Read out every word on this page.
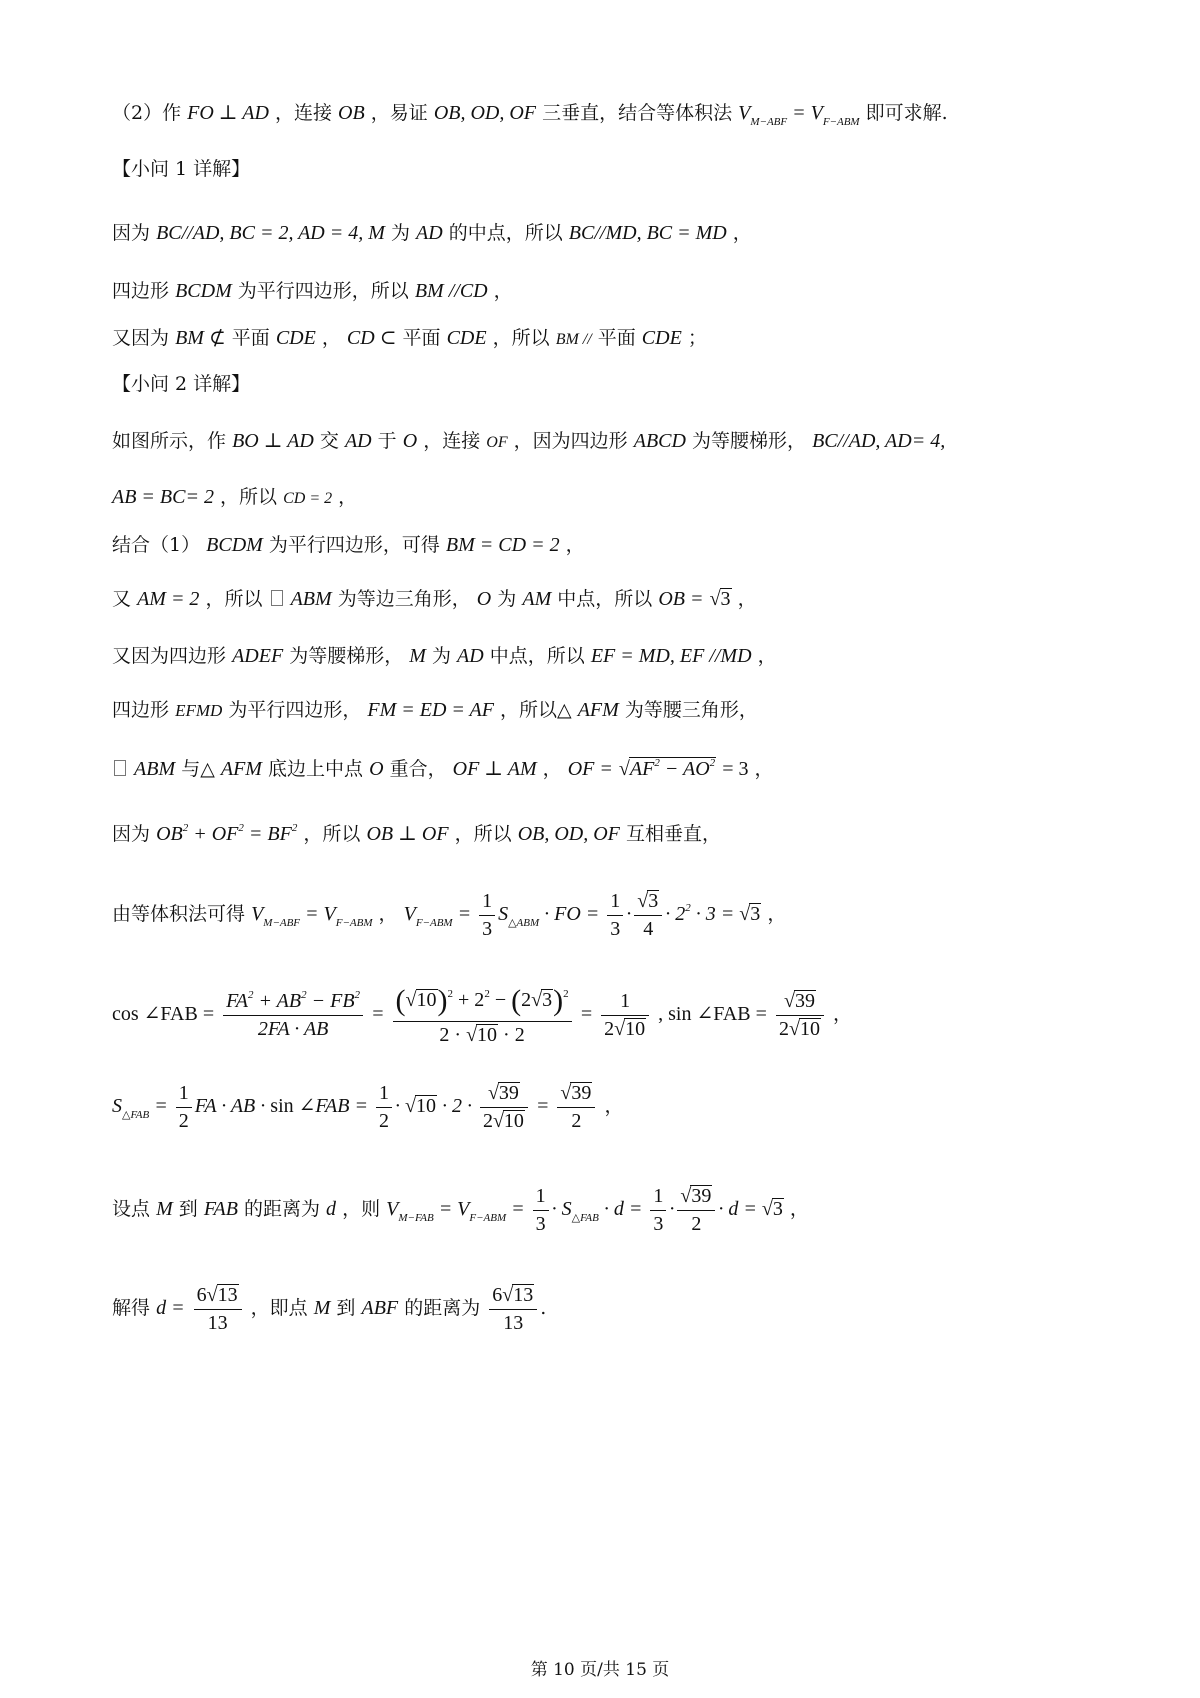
（2）作 FO ⊥ AD ，连接 OB ，易证 OB, OD, OF 三垂直，结合等体积法 $V_{M-ABF} = V_{F-ABM}$ 即可求解.
【小问 1 详解】
因为 BC//AD, BC = 2, AD = 4, M 为 AD 的中点，所以 BC//MD, BC = MD ，
四边形 BCDM 为平行四边形，所以 BM //CD ，
又因为 BM ⊄ 平面 CDE ， CD ⊂ 平面 CDE ，所以 BM // 平面 CDE ；
【小问 2 详解】
如图所示，作 BO ⊥ AD 交 AD 于 O ，连接 OF ，因为四边形 ABCD 为等腰梯形， BC//AD, AD= 4,
AB = BC= 2 ，所以 CD = 2 ，
结合（1） BCDM 为平行四边形，可得 BM = CD = 2 ，
又 AM = 2 ，所以 ABM 为等边三角形， O 为 AM 中点，所以 OB = √3 ，
又因为四边形 ADEF 为等腰梯形， M 为 AD 中点，所以 EF = MD, EF //MD ，
四边形 EFMD 为平行四边形， FM = ED = AF ，所以△ AFM 为等腰三角形，
ABM 与△ AFM 底边上中点 O 重合， OF ⊥ AM ， OF = $√AF^2 - AO^2 = 3$ ，
因为 $OB^2 + OF^2 = BF^2$ ，所以 OB ⊥ OF ，所以 OB, OD, OF 互相垂直，
由等体积法可得 $V_{M-ABF} = V_{F-ABM}$ ， $V_{F-ABM} = \frac{1}{3} S_{\triangle ABM}$ · FO = $\frac{1}{3} \cdot \frac{√3}{4} \cdot 2^2 \cdot 3 = √3$ ，
cos ∠FAB = $\frac{FA^2 + AB^2 - FB^2}{2FA \cdot AB} = \frac{(√10)^2 + 2^2 - (2√3)^2}{2 \cdot √10 \cdot 2} = \frac{1}{2√10}$ , sin ∠FAB = $\frac{√39}{2√10}$ ，
$S_{\triangle FAB} = \frac{1}{2}$ FA · AB · sin ∠FAB = $\frac{1}{2} \cdot √10 \cdot 2 \cdot \frac{√39}{2√10} = \frac{√39}{2}$ ，
设点 M 到 FAB 的距离为 d ，则 $V_{M-FAB} = V_{F-ABM} = \frac{1}{3} \cdot S_{\triangle FAB} \cdot d = \frac{1}{3} \cdot \frac{√39}{2} \cdot d = √3$ ，
解得 $d = \frac{6√13}{13}$ ，即点 M 到 ABF 的距离为 $\frac{6√13}{13}$ .
第 10 页/共 15 页
